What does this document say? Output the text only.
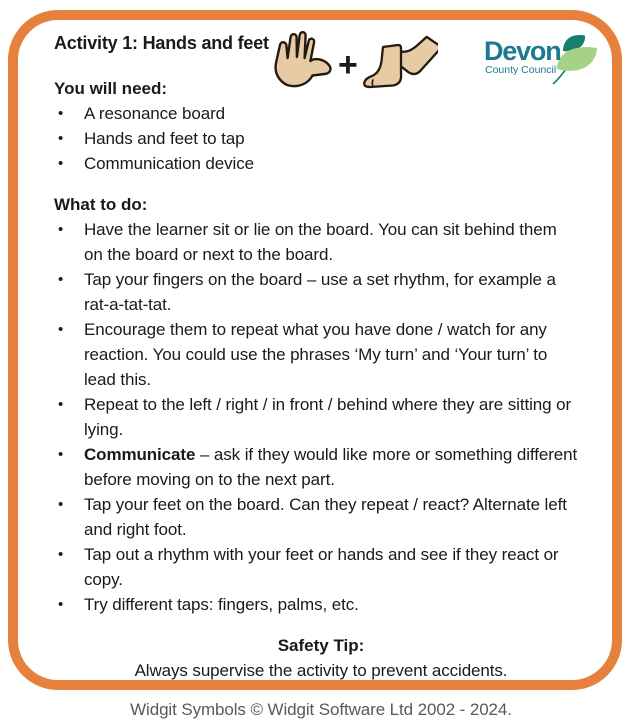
Activity 1: Hands and feet
+	Devon
County Council
You will need:
•	A resonance board
•	Hands and feet to tap
•	Communication device
What to do:
•	Have the learner sit or lie on the board. You can sit behind them on the board or next to the board.
•	Tap your fingers on the board – use a set rhythm, for example a rat-a-tat-tat.
•	Encourage them to repeat what you have done / watch for any reaction. You could use the phrases ‘My turn’ and ‘Your turn’ to lead this.
•	Repeat to the left / right / in front / behind where they are sitting or lying.
•	Communicate – ask if they would like more or something different before moving on to the next part.
•	Tap your feet on the board. Can they repeat / react? Alternate left and right foot.
•	Tap out a rhythm with your feet or hands and see if they react or copy.
•	Try different taps: fingers, palms, etc.
Safety Tip:
Always supervise the activity to prevent accidents.
Widgit Symbols © Widgit Software Ltd 2002 - 2024.
